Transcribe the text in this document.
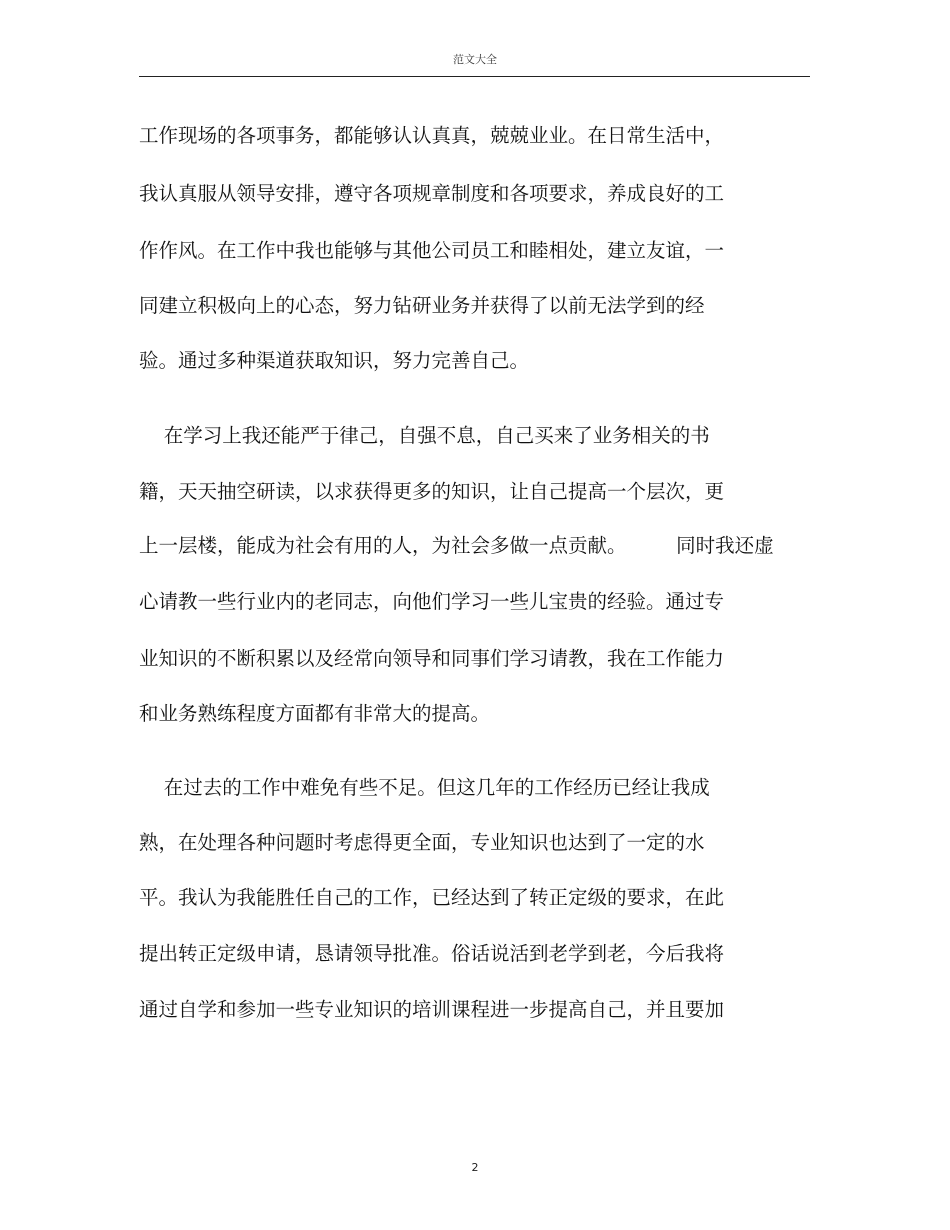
范文大全
工作现场的各项事务，都能够认认真真，兢兢业业。在日常生活中，
我认真服从领导安排，遵守各项规章制度和各项要求，养成良好的工
作作风。在工作中我也能够与其他公司员工和睦相处，建立友谊，一
同建立积极向上的心态，努力钻研业务并获得了以前无法学到的经
验。通过多种渠道获取知识，努力完善自己。
在学习上我还能严于律己，自强不息，自己买来了业务相关的书
籍，天天抽空研读，以求获得更多的知识，让自己提高一个层次，更
上一层楼，能成为社会有用的人，为社会多做一点贡献。        同时我还虚
心请教一些行业内的老同志，向他们学习一些儿宝贵的经验。通过专
业知识的不断积累以及经常向领导和同事们学习请教，我在工作能力
和业务熟练程度方面都有非常大的提高。
在过去的工作中难免有些不足。但这几年的工作经历已经让我成
熟，在处理各种问题时考虑得更全面，专业知识也达到了一定的水
平。我认为我能胜任自己的工作，已经达到了转正定级的要求，在此
提出转正定级申请，恳请领导批准。俗话说活到老学到老，今后我将
通过自学和参加一些专业知识的培训课程进一步提高自己，并且要加
2
